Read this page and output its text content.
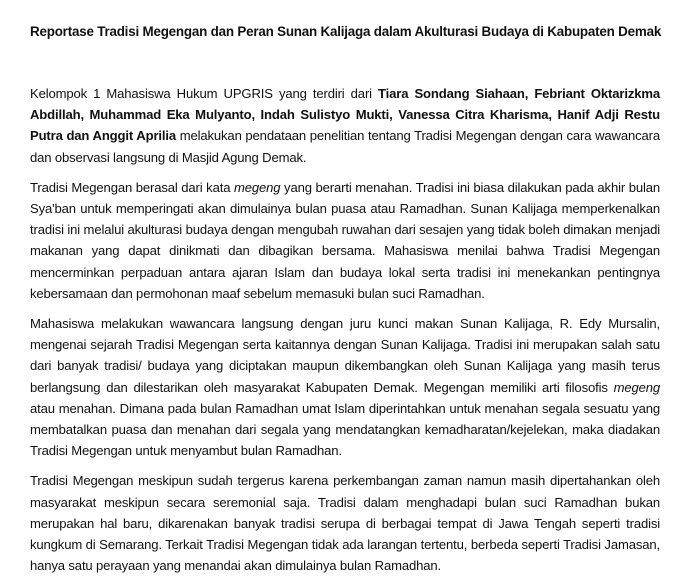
Reportase Tradisi Megengan dan Peran Sunan Kalijaga dalam Akulturasi Budaya di Kabupaten Demak

Kelompok 1 Mahasiswa Hukum UPGRIS yang terdiri dari Tiara Sondang Siahaan, Febriant Oktarizkma Abdillah, Muhammad Eka Mulyanto, Indah Sulistyo Mukti, Vanessa Citra Kharisma, Hanif Adji Restu Putra dan Anggit Aprilia melakukan pendataan penelitian tentang Tradisi Megengan dengan cara wawancara dan observasi langsung di Masjid Agung Demak.

Tradisi Megengan berasal dari kata megeng yang berarti menahan. Tradisi ini biasa dilakukan pada akhir bulan Sya'ban untuk memperingati akan dimulainya bulan puasa atau Ramadhan. Sunan Kalijaga memperkenalkan tradisi ini melalui akulturasi budaya dengan mengubah ruwahan dari sesajen yang tidak boleh dimakan menjadi makanan yang dapat dinikmati dan dibagikan bersama. Mahasiswa menilai bahwa Tradisi Megengan mencerminkan perpaduan antara ajaran Islam dan budaya lokal serta tradisi ini menekankan pentingnya kebersamaan dan permohonan maaf sebelum memasuki bulan suci Ramadhan.

Mahasiswa melakukan wawancara langsung dengan juru kunci makan Sunan Kalijaga, R. Edy Mursalin, mengenai sejarah Tradisi Megengan serta kaitannya dengan Sunan Kalijaga. Tradisi ini merupakan salah satu dari banyak tradisi/ budaya yang diciptakan maupun dikembangkan oleh Sunan Kalijaga yang masih terus berlangsung dan dilestarikan oleh masyarakat Kabupaten Demak. Megengan memiliki arti filosofis megeng atau menahan. Dimana pada bulan Ramadhan umat Islam diperintahkan untuk menahan segala sesuatu yang membatalkan puasa dan menahan dari segala yang mendatangkan kemadharatan/kejelekan, maka diadakan Tradisi Megengan untuk menyambut bulan Ramadhan.

Tradisi Megengan meskipun sudah tergerus karena perkembangan zaman namun masih dipertahankan oleh masyarakat meskipun secara seremonial saja. Tradisi dalam menghadapi bulan suci Ramadhan bukan merupakan hal baru, dikarenakan banyak tradisi serupa di berbagai tempat di Jawa Tengah seperti tradisi kungkum di Semarang. Terkait Tradisi Megengan tidak ada larangan tertentu, berbeda seperti Tradisi Jamasan, hanya satu perayaan yang menandai akan dimulainya bulan Ramadhan.
